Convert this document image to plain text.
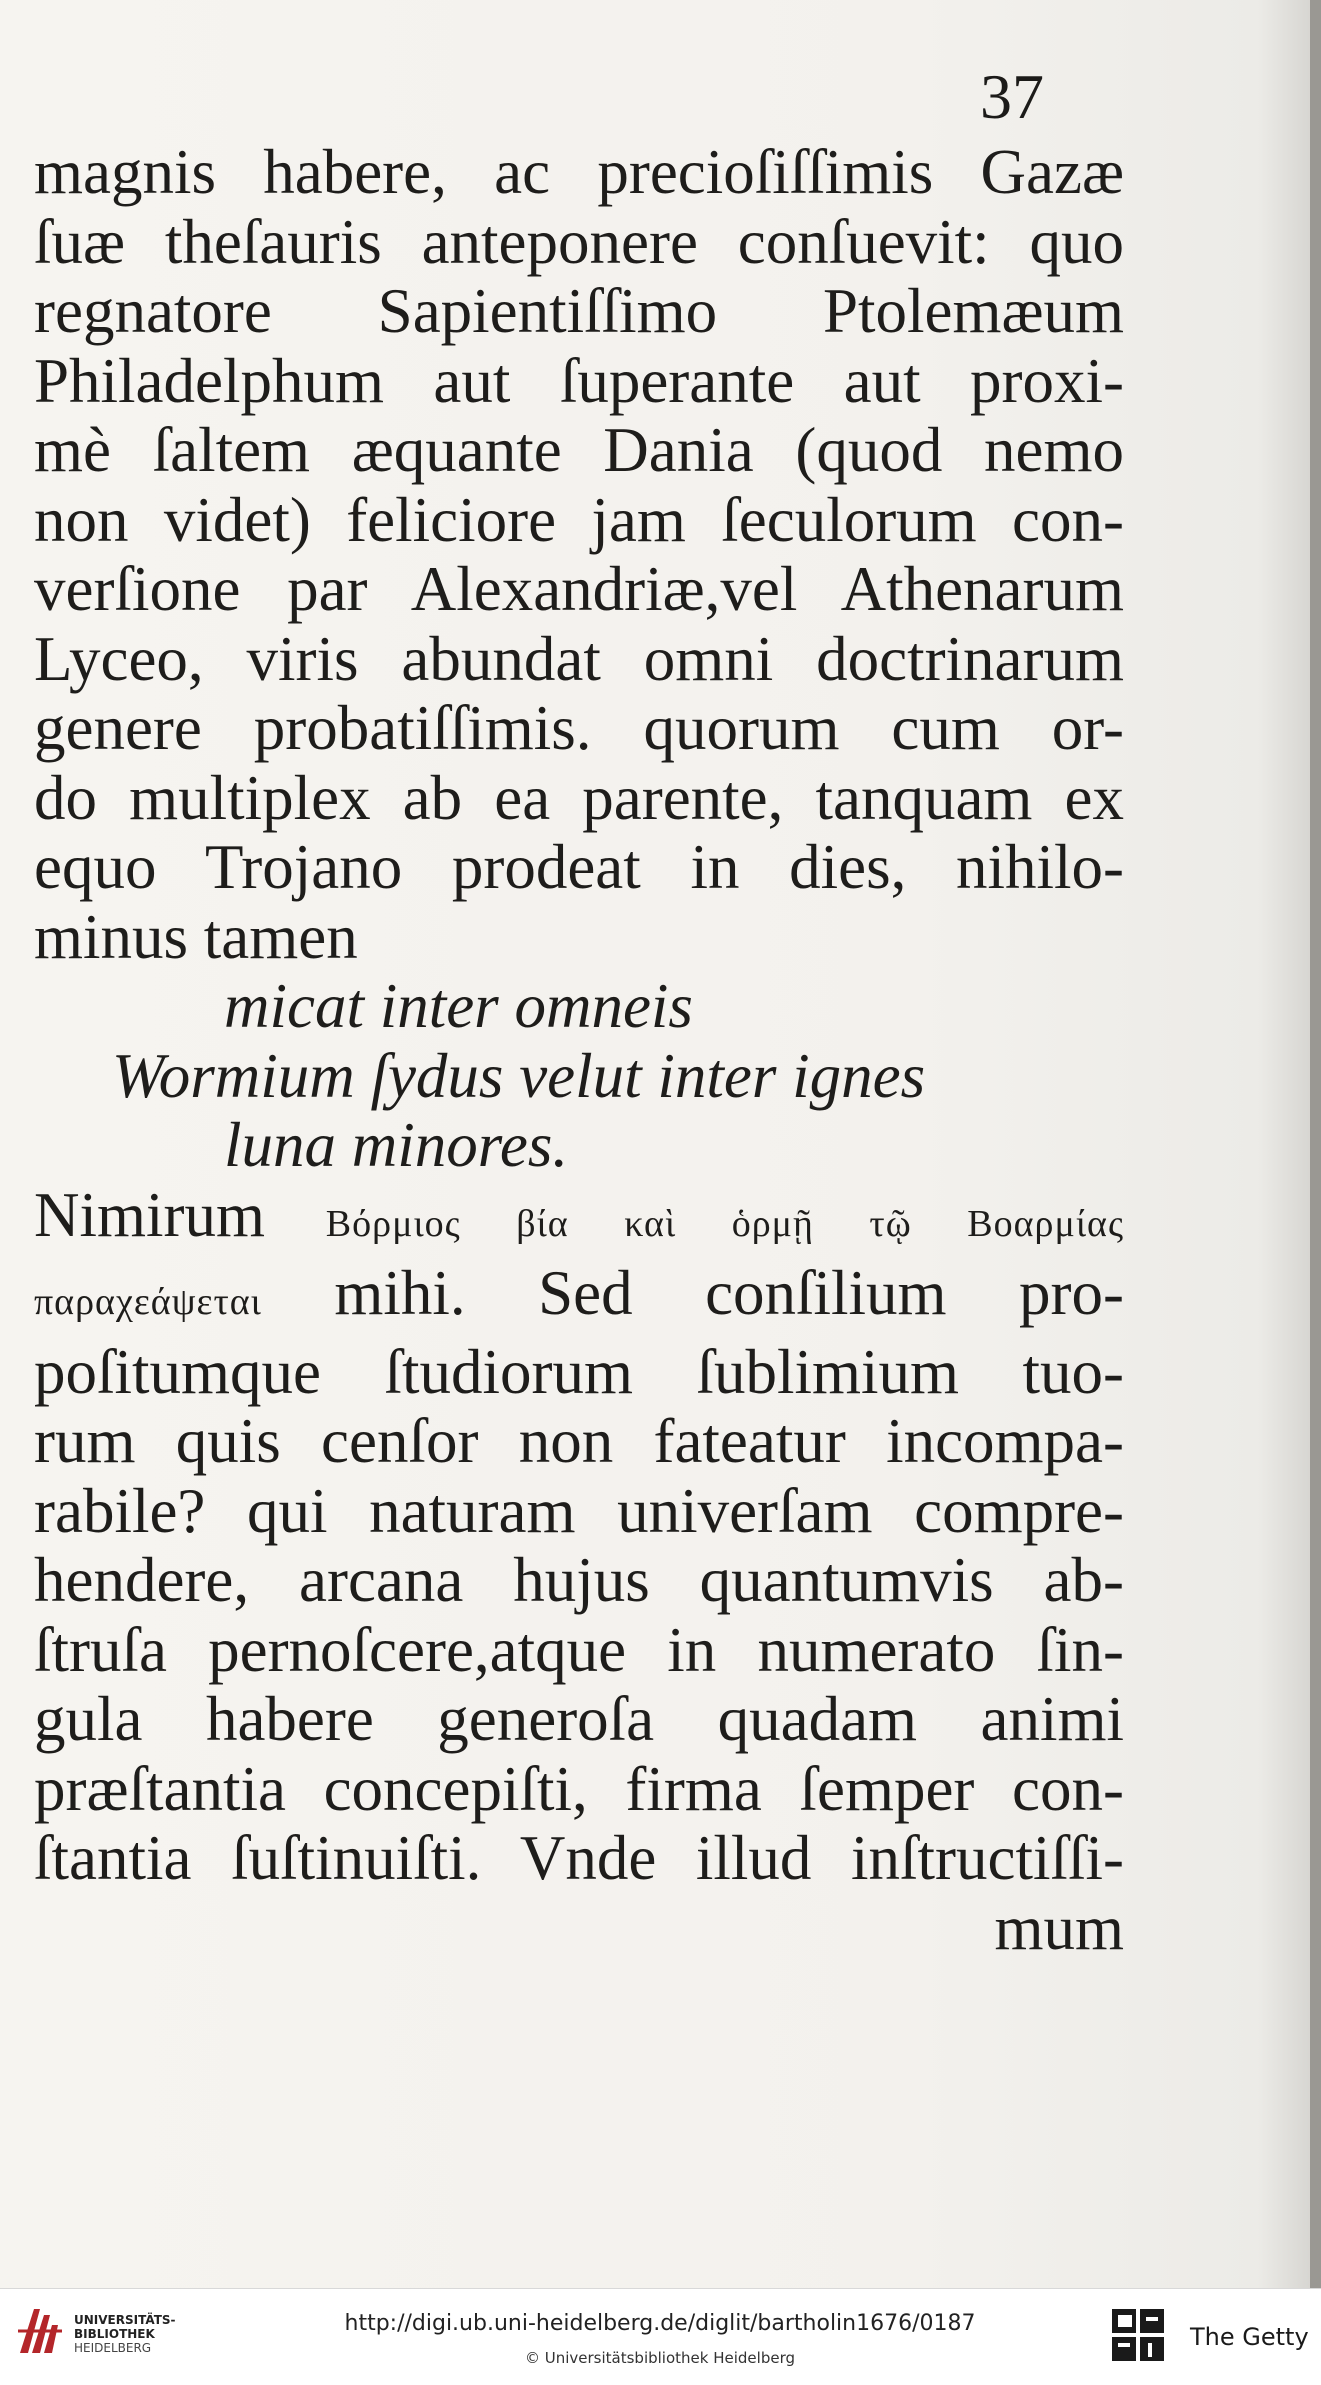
37
magnis habere, ac precioſiſſimis Gazæ
ſuæ theſauris anteponere conſuevit: quo
regnatore Sapientiſſimo Ptolemæum
Philadelphum aut ſuperante aut proxi-
mè ſaltem æquante Dania (quod nemo
non videt) feliciore jam ſeculorum con-
verſione par Alexandriæ,vel Athenarum
Lyceo, viris abundat omni doctrinarum
genere probatiſſimis. quorum cum or-
do multiplex ab ea parente, tanquam ex
equo Trojano prodeat in dies, nihilo-
minus tamen
micat inter omneis
Wormium ſydus velut inter ignes
luna minores.
Nimirum Βόρμιος βία καὶ ὁρμῇ τῷ Βοαρμίας
παραχεάψεται mihi. Sed conſilium pro-
poſitumque ſtudiorum ſublimium tuo-
rum quis cenſor non fateatur incompa-
rabile? qui naturam univerſam compre-
hendere, arcana hujus quantumvis ab-
ſtruſa pernoſcere,atque in numerato ſin-
gula habere generoſa quadam animi
præſtantia concepiſti, firma ſemper con-
ſtantia ſuſtinuiſti. Vnde illud inſtructiſſi-
mum
UNIVERSITÄTS-
BIBLIOTHEK
HEIDELBERG
http://digi.ub.uni-heidelberg.de/diglit/bartholin1676/0187
© Universitätsbibliothek Heidelberg
The Getty
